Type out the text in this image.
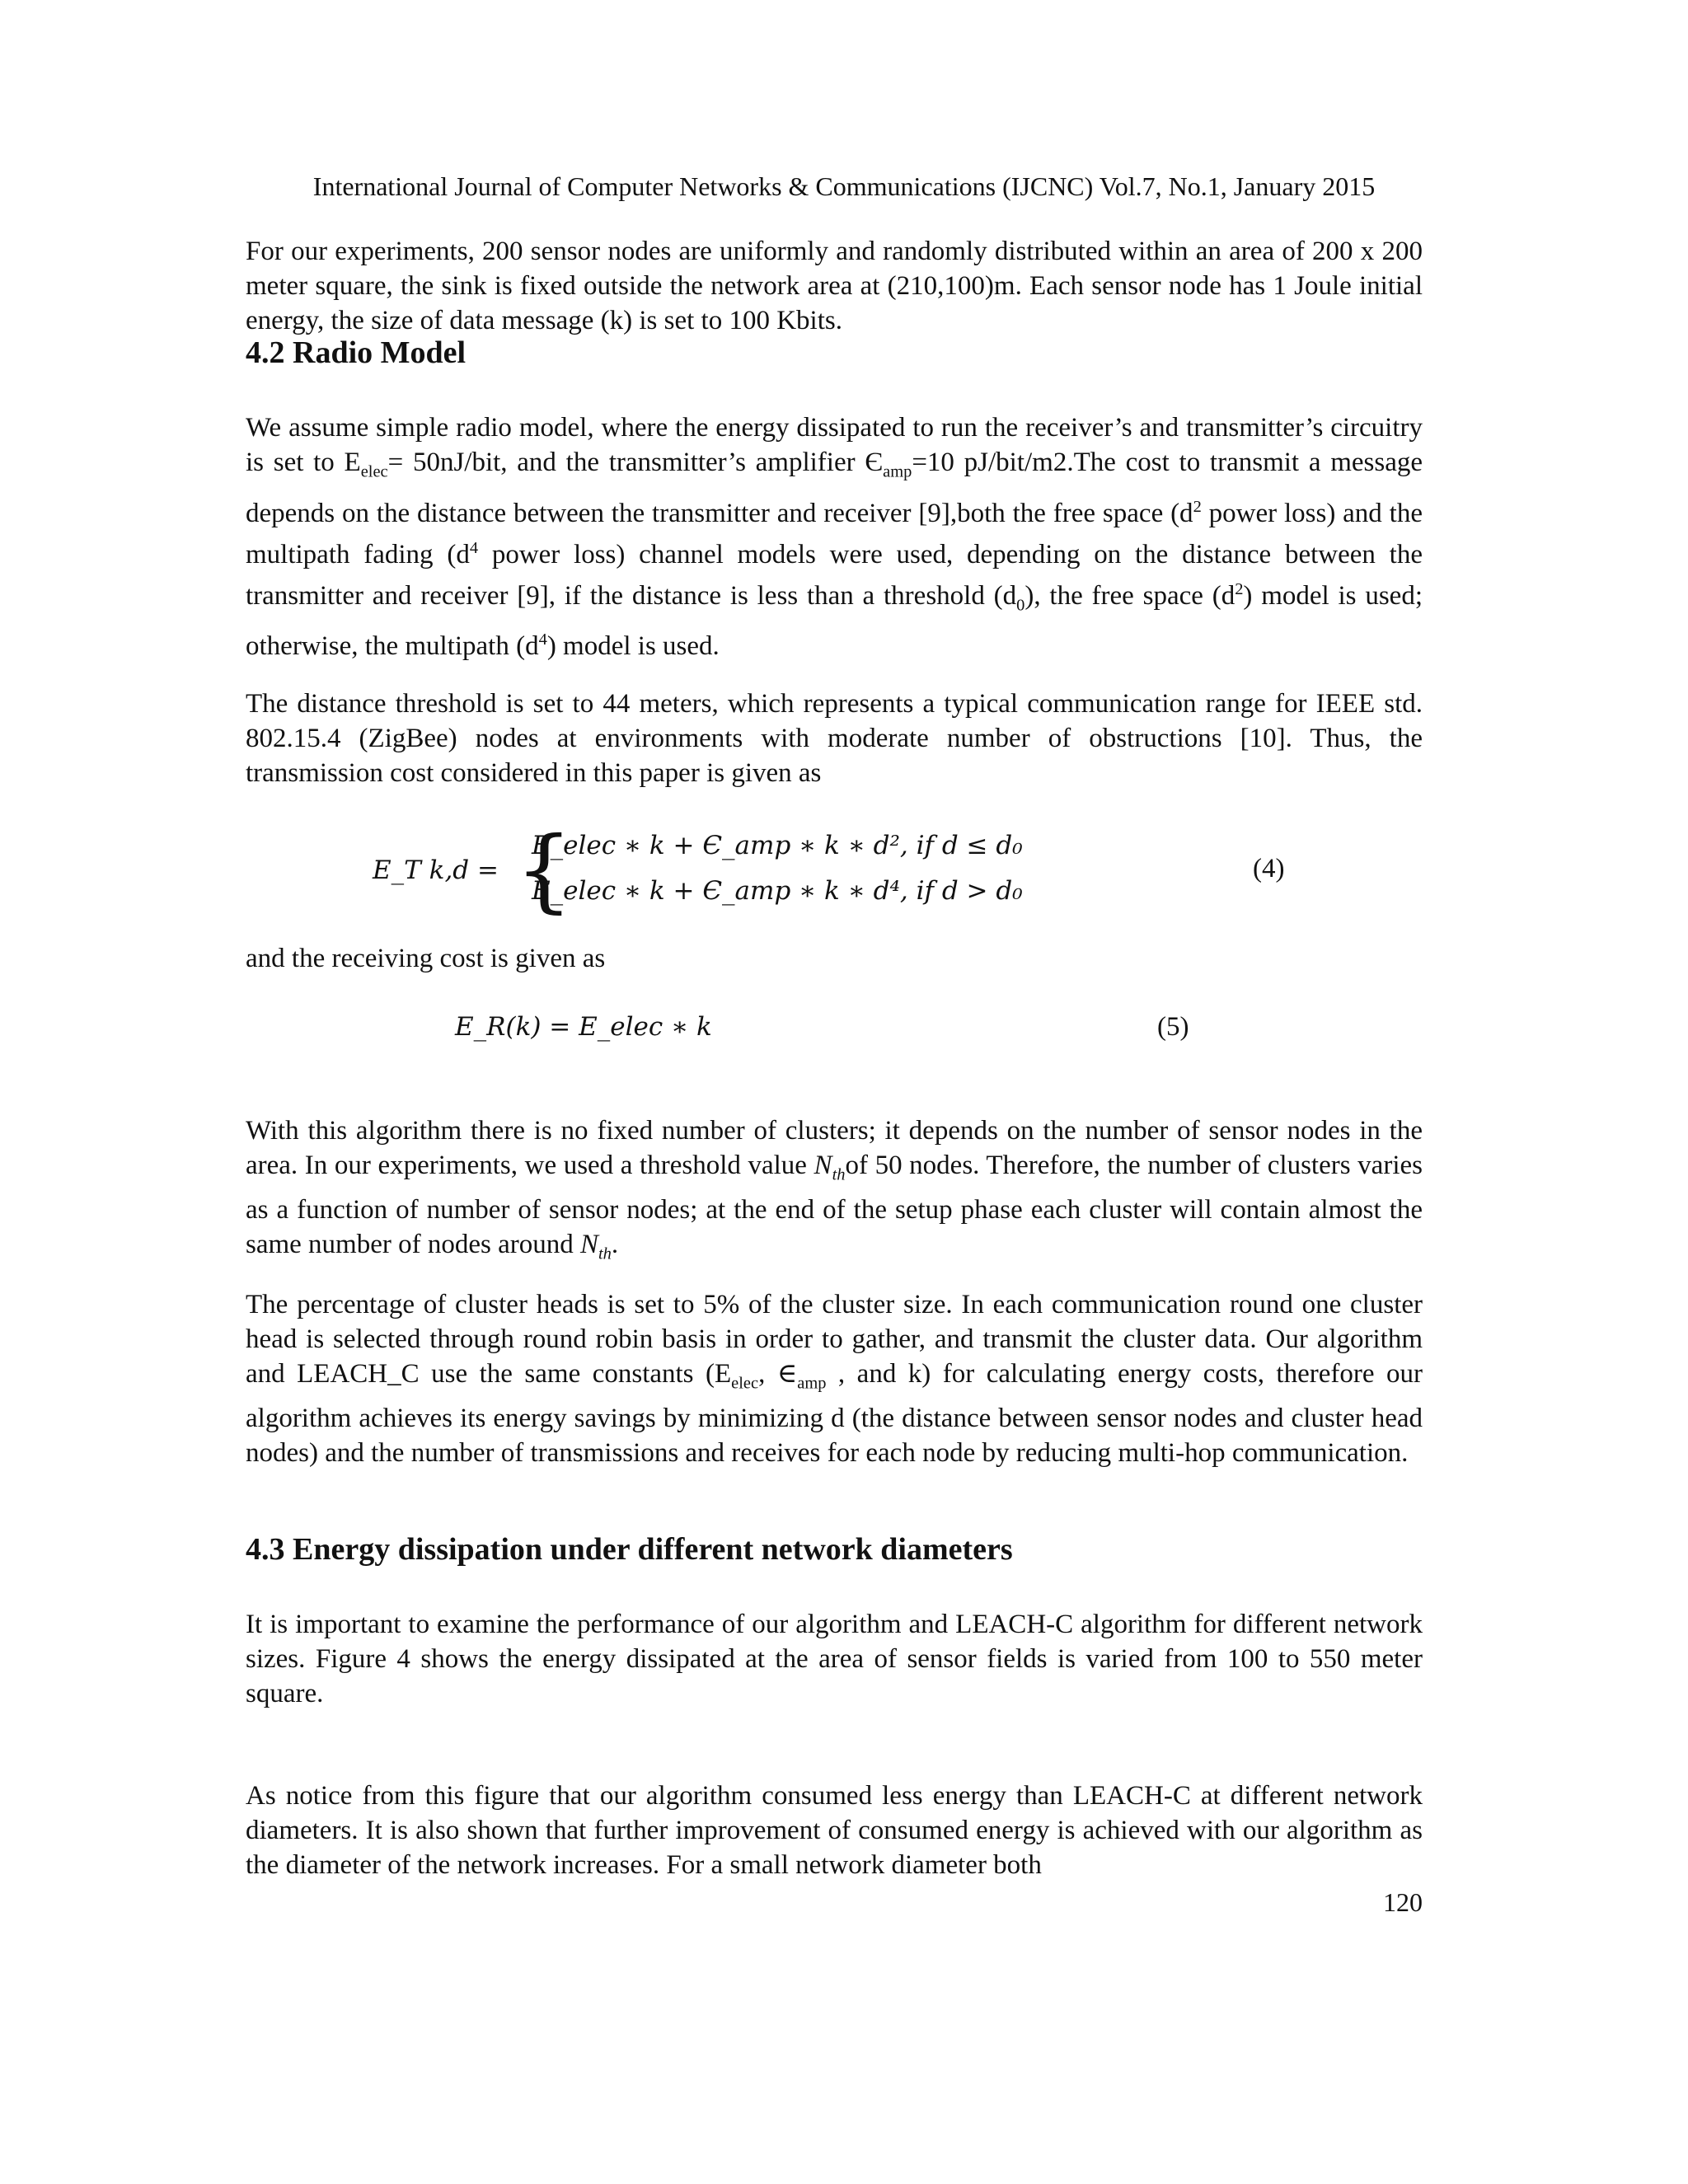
International Journal of Computer Networks & Communications (IJCNC) Vol.7, No.1, January 2015
For our experiments, 200 sensor nodes are uniformly and randomly distributed within an area of 200 x 200 meter square, the sink is fixed outside the network area at (210,100)m. Each sensor node has 1 Joule initial energy, the size of data message (k) is set to 100 Kbits.
4.2 Radio Model
We assume simple radio model, where the energy dissipated to run the receiver’s and transmitter’s circuitry is set to $E_{elec}= 50nJ/bit$, and the transmitter’s amplifier $Є_{amp}=10$ pJ/bit/m2.The cost to transmit a message depends on the distance between the transmitter and receiver [9],both the free space ($d^2$ power loss) and the multipath fading ($d^4$ power loss) channel models were used, depending on the distance between the transmitter and receiver [9], if the distance is less than a threshold $(d_0)$, the free space $(d^2)$ model is used; otherwise, the multipath $(d^4)$ model is used.
The distance threshold is set to 44 meters, which represents a typical communication range for IEEE std. 802.15.4 (ZigBee) nodes at environments with moderate number of obstructions [10]. Thus, the transmission cost considered in this paper is given as
E_T k,d = {
E_elec ∗ k + Є_amp ∗ k ∗ d², if d ≤ d₀
E_elec ∗ k + Є_amp ∗ k ∗ d⁴, if d > d₀
(4)
and the receiving cost is given as
E_R(k) = E_elec ∗ k	(5)
With this algorithm there is no fixed number of clusters; it depends on the number of sensor nodes in the area. In our experiments, we used a threshold value $N_{th}of$ 50 nodes. Therefore, the number of clusters varies as a function of number of sensor nodes; at the end of the setup phase each cluster will contain almost the same number of nodes around $N_{th}$.
The percentage of cluster heads is set to 5% of the cluster size. In each communication round one cluster head is selected through round robin basis in order to gather, and transmit the cluster data. Our algorithm and LEACH_C use the same constants ($E_{elec}$, $\in_{amp}$ , and k) for calculating energy costs, therefore our algorithm achieves its energy savings by minimizing d (the distance between sensor nodes and cluster head nodes) and the number of transmissions and receives for each node by reducing multi-hop communication.
4.3 Energy dissipation under different network diameters
It is important to examine the performance of our algorithm and LEACH-C algorithm for different network sizes. Figure 4 shows the energy dissipated at the area of sensor fields is varied from 100 to 550 meter square.
As notice from this figure that our algorithm consumed less energy than LEACH-C at different network diameters. It is also shown that further improvement of consumed energy is achieved with our algorithm as the diameter of the network increases. For a small network diameter both
120
